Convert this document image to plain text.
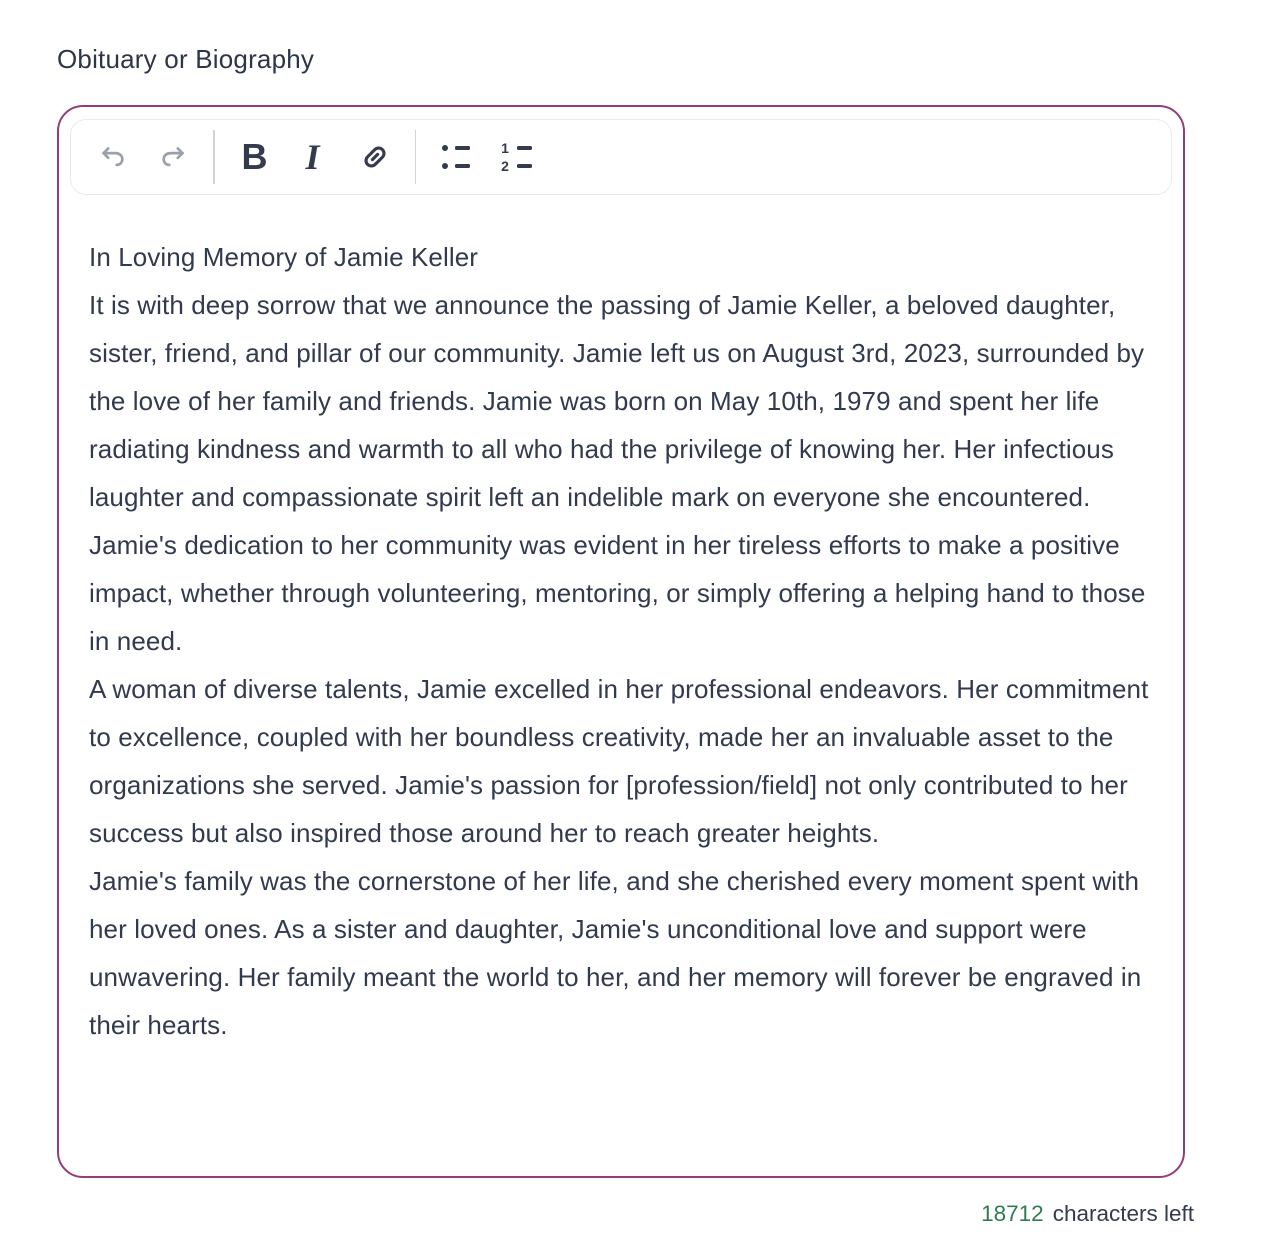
Obituary or Biography
B I	1
2

In Loving Memory of Jamie Keller

It is with deep sorrow that we announce the passing of Jamie Keller, a beloved daughter, sister, friend, and pillar of our community. Jamie left us on August 3rd, 2023, surrounded by the love of her family and friends. Jamie was born on May 10th, 1979 and spent her life radiating kindness and warmth to all who had the privilege of knowing her. Her infectious laughter and compassionate spirit left an indelible mark on everyone she encountered. Jamie's dedication to her community was evident in her tireless efforts to make a positive impact, whether through volunteering, mentoring, or simply offering a helping hand to those in need.

A woman of diverse talents, Jamie excelled in her professional endeavors. Her commitment to excellence, coupled with her boundless creativity, made her an invaluable asset to the organizations she served. Jamie's passion for [profession/field] not only contributed to her success but also inspired those around her to reach greater heights.

Jamie's family was the cornerstone of her life, and she cherished every moment spent with her loved ones. As a sister and daughter, Jamie's unconditional love and support were unwavering. Her family meant the world to her, and her memory will forever be engraved in their hearts.

18712 characters left
